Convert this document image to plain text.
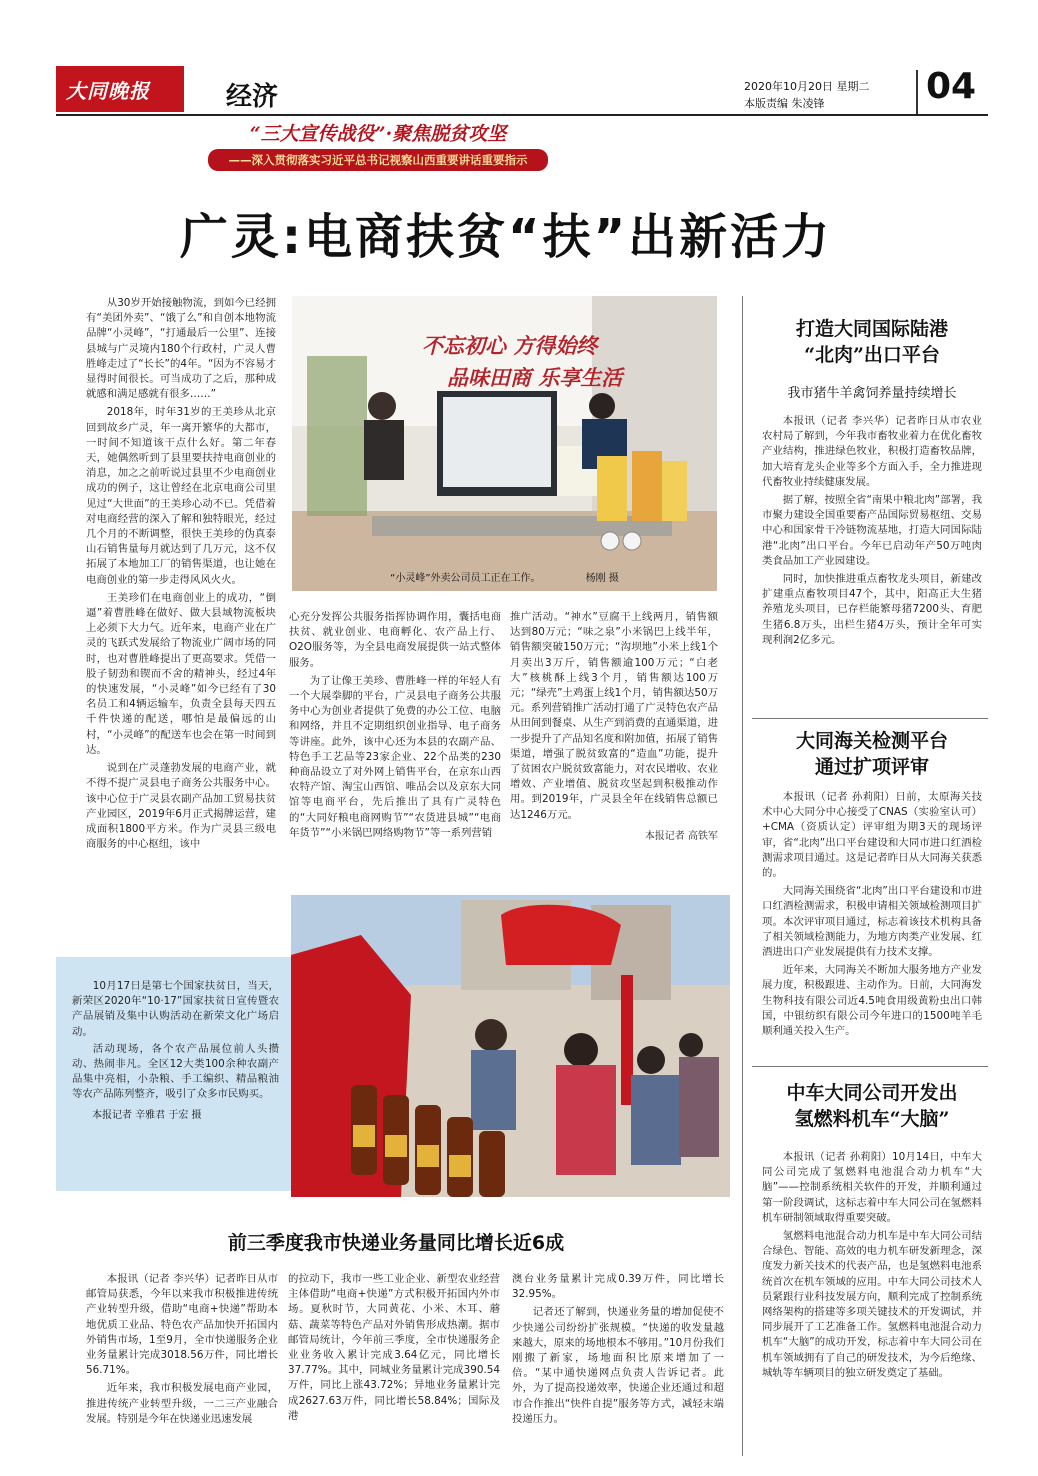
大同晚报	经济	2020年10月20日 星期二
本版责编 朱凌锋	04
“三大宣传战役”·聚焦脱贫攻坚
——深入贯彻落实习近平总书记视察山西重要讲话重要指示
广灵:电商扶贫“扶”出新活力

从30岁开始接触物流，到如今已经拥有“美团外卖”、“饿了么”和自创本地物流品牌“小灵峰”，“打通最后一公里”、连接县城与广灵境内180个行政村，广灵人曹胜峰走过了“长长”的4年。“因为不容易才显得时间很长。可当成功了之后，那种成就感和满足感就有很多……”

2018年，时年31岁的王美珍从北京回到故乡广灵，年一离开繁华的大都市，一时间不知道该干点什么好。第二年春天，她偶然听到了县里要扶持电商创业的消息，加之之前听说过县里不少电商创业成功的例子，这让曾经在北京电商公司里见过“大世面”的王美珍心动不已。凭借着对电商经营的深入了解和独特眼光，经过几个月的不断调整，很快王美珍的伪真泰山石销售量每月就达到了几万元，这不仅拓展了本地加工厂的销售渠道，也让她在电商创业的第一步走得风风火火。

王美珍们在电商创业上的成功，“倒逼”着曹胜峰在做好、做大县域物流板块上必须下大力气。近年来，电商产业在广灵的飞跃式发展给了物流业广阔市场的同时，也对曹胜峰提出了更高要求。凭借一股子韧劲和锲而不舍的精神头，经过4年的快速发展，“小灵峰”如今已经有了30名员工和4辆运输车，负责全县每天四五千件快递的配送，哪怕是最偏远的山村，“小灵峰”的配送车也会在第一时间到达。

说到在广灵蓬勃发展的电商产业，就不得不提广灵县电子商务公共服务中心。该中心位于广灵县农副产品加工贸易扶贫产业园区，2019年6月正式揭牌运营，建成面积1800平方米。作为广灵县三级电商服务的中心枢纽，该中

不忘初心 方得始终
品味田商 乐享生活
“小灵峰”外卖公司员工正在工作。	杨刚 摄

心充分发挥公共服务指挥协调作用，囊括电商扶贫、就业创业、电商孵化、农产品上行、O2O服务等，为全县电商发展提供一站式整体服务。

为了让像王美珍、曹胜峰一样的年轻人有一个大展拳脚的平台，广灵县电子商务公共服务中心为创业者提供了免费的办公工位、电脑和网络，并且不定期组织创业指导、电子商务等讲座。此外，该中心还为本县的农副产品、特色手工艺品等23家企业、22个品类的230种商品设立了对外网上销售平台，在京东山西农特产馆、淘宝山西馆、唯品会以及京东大同馆等电商平台，先后推出了具有广灵特色的“大同好粮电商网购节”“农货进县城”“电商年货节”“小米锅巴网络购物节”等一系列营销

推广活动。“神水”豆腐干上线两月，销售额达到80万元；“味之泉”小米锅巴上线半年，销售额突破150万元；“沟坝地”小米上线1个月卖出3万斤，销售额逾100万元；“白老大”核桃酥上线3个月，销售额达100万元；“绿壳”土鸡蛋上线1个月，销售额达50万元。系列营销推广活动打通了广灵特色农产品从田间到餐桌、从生产到消费的直通渠道，进一步提升了产品知名度和附加值，拓展了销售渠道，增强了脱贫致富的“造血”功能，提升了贫困农户脱贫致富能力，对农民增收、农业增效、产业增值、脱贫攻坚起到积极推动作用。到2019年，广灵县全年在线销售总额已达1246万元。

本报记者 高铁军

10月17日是第七个国家扶贫日，当天，新荣区2020年“10·17”国家扶贫日宣传暨农产品展销及集中认购活动在新荣文化广场启动。

活动现场，各个农产品展位前人头攒动、热闹非凡。全区12大类100余种农副产品集中亮相，小杂粮、手工编织、精品粮油等农产品陈列整齐，吸引了众多市民购买。

本报记者 辛雅君 于宏 摄
前三季度我市快递业务量同比增长近6成

本报讯（记者 李兴华）记者昨日从市邮管局获悉，今年以来我市积极推进传统产业转型升级，借助“电商+快递”帮助本地优质工业品、特色农产品加快开拓国内外销售市场，1至9月，全市快递服务企业业务量累计完成3018.56万件，同比增长56.71%。

近年来，我市积极发展电商产业园，推进传统产业转型升级，一二三产业融合发展。特别是今年在快递业迅速发展

的拉动下，我市一些工业企业、新型农业经营主体借助“电商+快递”方式积极开拓国内外市场。夏秋时节，大同黄花、小米、木耳、蘑菇、蔬菜等特色产品对外销售形成热潮。据市邮管局统计，今年前三季度，全市快递服务企业业务收入累计完成3.64亿元，同比增长37.77%。其中，同城业务量累计完成390.54万件，同比上涨43.72%；异地业务量累计完成2627.63万件，同比增长58.84%；国际及港

澳台业务量累计完成0.39万件，同比增长32.95%。

记者还了解到，快递业务量的增加促使不少快递公司纷纷扩张规模。“快递的收发量越来越大，原来的场地根本不够用。”10月份我们刚搬了新家，场地面积比原来增加了一倍。“某中通快递网点负责人告诉记者。此外，为了提高投递效率，快递企业还通过和超市合作推出“快件自提”服务等方式，减轻末端投递压力。

打造大同国际陆港
“北肉”出口平台
我市猪牛羊禽饲养量持续增长

本报讯（记者 李兴华）记者昨日从市农业农村局了解到，今年我市畜牧业着力在优化畜牧产业结构，推进绿色牧业，积极打造畜牧品牌，加大培育龙头企业等多个方面入手，全力推进现代畜牧业持续健康发展。

据了解，按照全省“南果中粮北肉”部署，我市聚力建设全国重要畜产品国际贸易枢纽、交易中心和国家骨干冷链物流基地，打造大同国际陆港“北肉”出口平台。今年已启动年产50万吨肉类食品加工产业园建设。

同时，加快推进重点畜牧龙头项目，新建改扩建重点畜牧项目47个，其中，阳高正大生猪养殖龙头项目，已存栏能繁母猪7200头、育肥生猪6.8万头，出栏生猪4万头，预计全年可实现利润2亿多元。

大同海关检测平台
通过扩项评审

本报讯（记者 孙莉阳）日前，太原海关技术中心大同分中心接受了CNAS（实验室认可）+CMA（资质认定）评审组为期3天的现场评审，省“北肉”出口平台建设和大同市进口红酒检测需求项目通过。这是记者昨日从大同海关获悉的。

大同海关围绕省“北肉”出口平台建设和市进口红酒检测需求，积极申请相关领域检测项目扩项。本次评审项目通过，标志着该技术机构具备了相关领域检测能力，为地方肉类产业发展、红酒进出口产业发展提供有力技术支撑。

近年来，大同海关不断加大服务地方产业发展力度，积极跟进、主动作为。日前，大同海发生物科技有限公司近4.5吨食用级黄粉虫出口韩国，中银纺织有限公司今年进口的1500吨羊毛顺利通关投入生产。

中车大同公司开发出
氢燃料机车“大脑”

本报讯（记者 孙莉阳）10月14日，中车大同公司完成了氢燃料电池混合动力机车“大脑”——控制系统相关软件的开发，并顺利通过第一阶段调试，这标志着中车大同公司在氢燃料机车研制领域取得重要突破。

氢燃料电池混合动力机车是中车大同公司结合绿色、智能、高效的电力机车研发新理念，深度发力新关技术的代表产品，也是氢燃料电池系统首次在机车领域的应用。中车大同公司技术人员紧跟行业科技发展方向，顺利完成了控制系统网络架构的搭建等多项关键技术的开发调试，并同步展开了工艺准备工作。氢燃料电池混合动力机车“大脑”的成功开发，标志着中车大同公司在机车领域拥有了自己的研发技术，为今后绝缘、城轨等车辆项目的独立研发奠定了基础。
